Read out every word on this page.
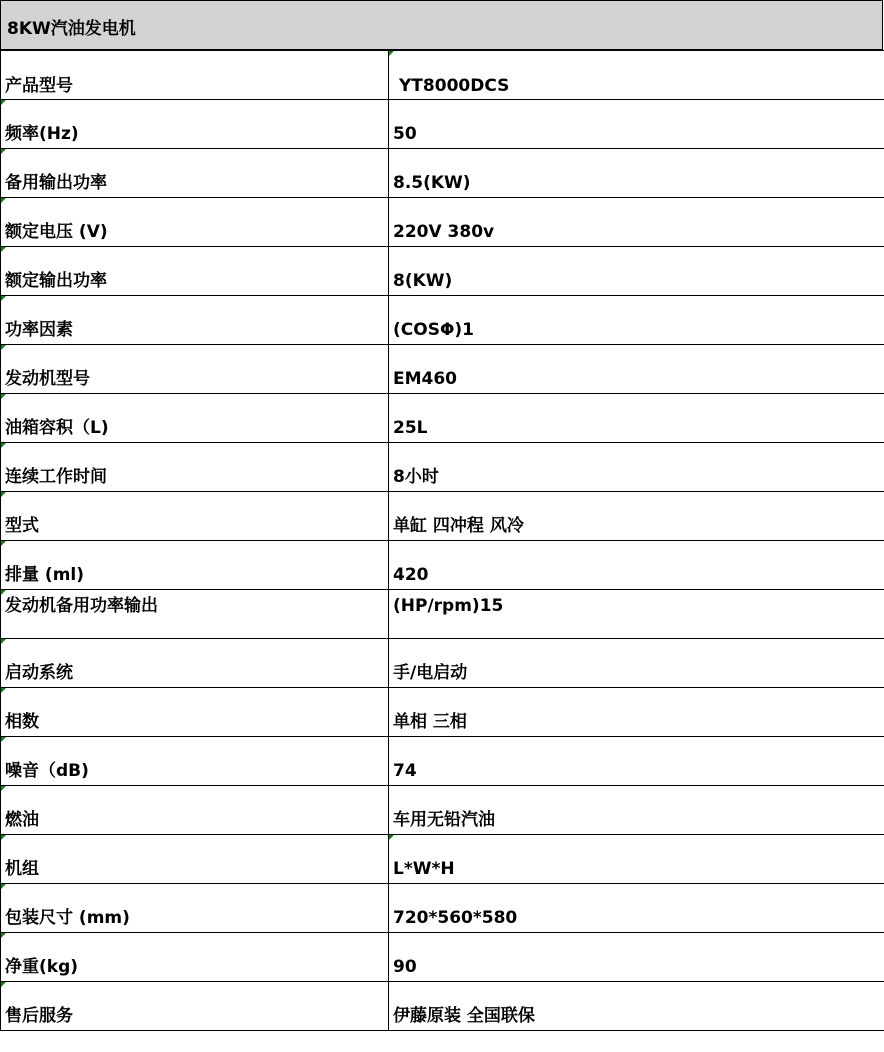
8KW汽油发电机
产品型号	YT8000DCS

频率(Hz)	50

备用输出功率	8.5(KW)

额定电压 (V)	220V 380v

额定输出功率	8(KW)

功率因素	(COSΦ)1

发动机型号	EM460

油箱容积（L)	25L

连续工作时间	8小时

型式	单缸 四冲程 风冷

排量 (ml)	420

发动机备用功率输出	(HP/rpm)15

启动系统	手/电启动

相数	单相 三相

噪音（dB)	74

燃油	车用无铅汽油

机组	L*W*H

包装尺寸 (mm)	720*560*580

净重(kg)	90

售后服务	伊藤原装 全国联保
